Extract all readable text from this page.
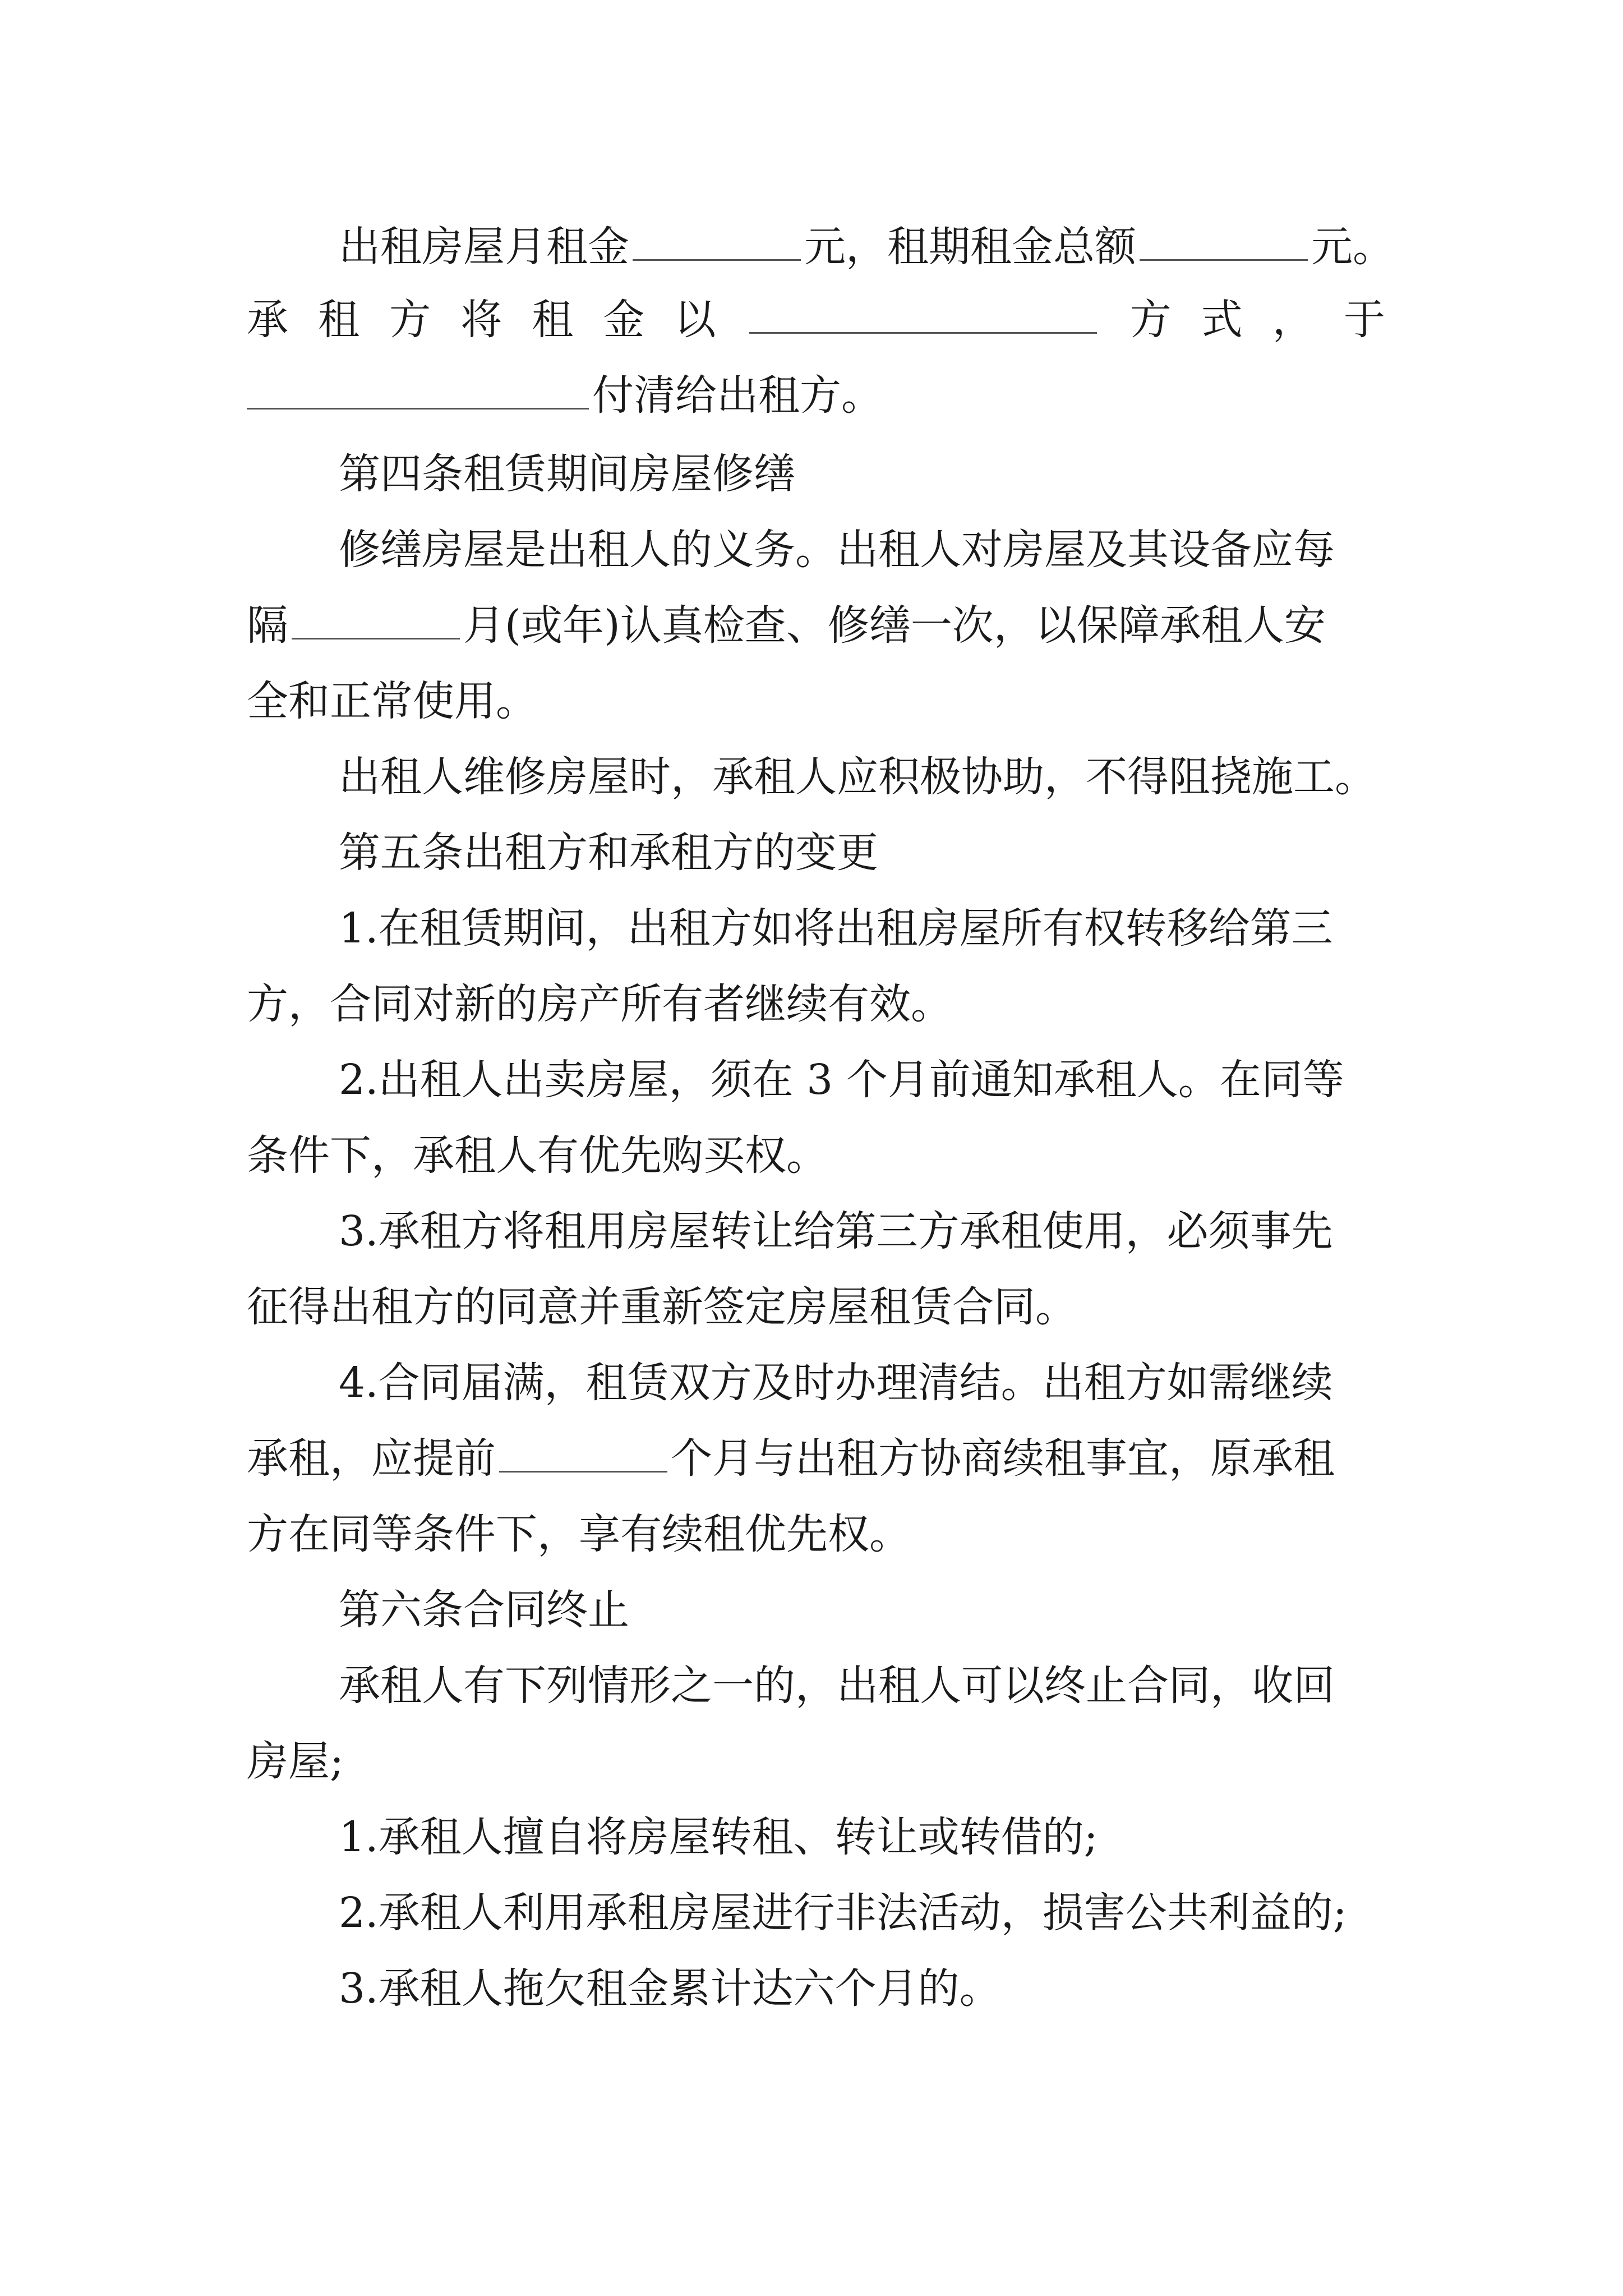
出租房屋月租金	元，租期租金总额	元。
承 租 方 将 租 金 以	方 式 ， 于
付清给出租方。
第四条租赁期间房屋修缮
修缮房屋是出租人的义务。出租人对房屋及其设备应每
隔	月(或年)认真检查、修缮一次，以保障承租人安
全和正常使用。
出租人维修房屋时，承租人应积极协助，不得阻挠施工。
第五条出租方和承租方的变更
1.在租赁期间，出租方如将出租房屋所有权转移给第三
方，合同对新的房产所有者继续有效。
2.出租人出卖房屋，须在 3 个月前通知承租人。在同等
条件下，承租人有优先购买权。
3.承租方将租用房屋转让给第三方承租使用，必须事先
征得出租方的同意并重新签定房屋租赁合同。
4.合同届满，租赁双方及时办理清结。出租方如需继续
承租，应提前	个月与出租方协商续租事宜，原承租
方在同等条件下，享有续租优先权。
第六条合同终止
承租人有下列情形之一的，出租人可以终止合同，收回
房屋;
1.承租人擅自将房屋转租、转让或转借的;
2.承租人利用承租房屋进行非法活动，损害公共利益的;
3.承租人拖欠租金累计达六个月的。
